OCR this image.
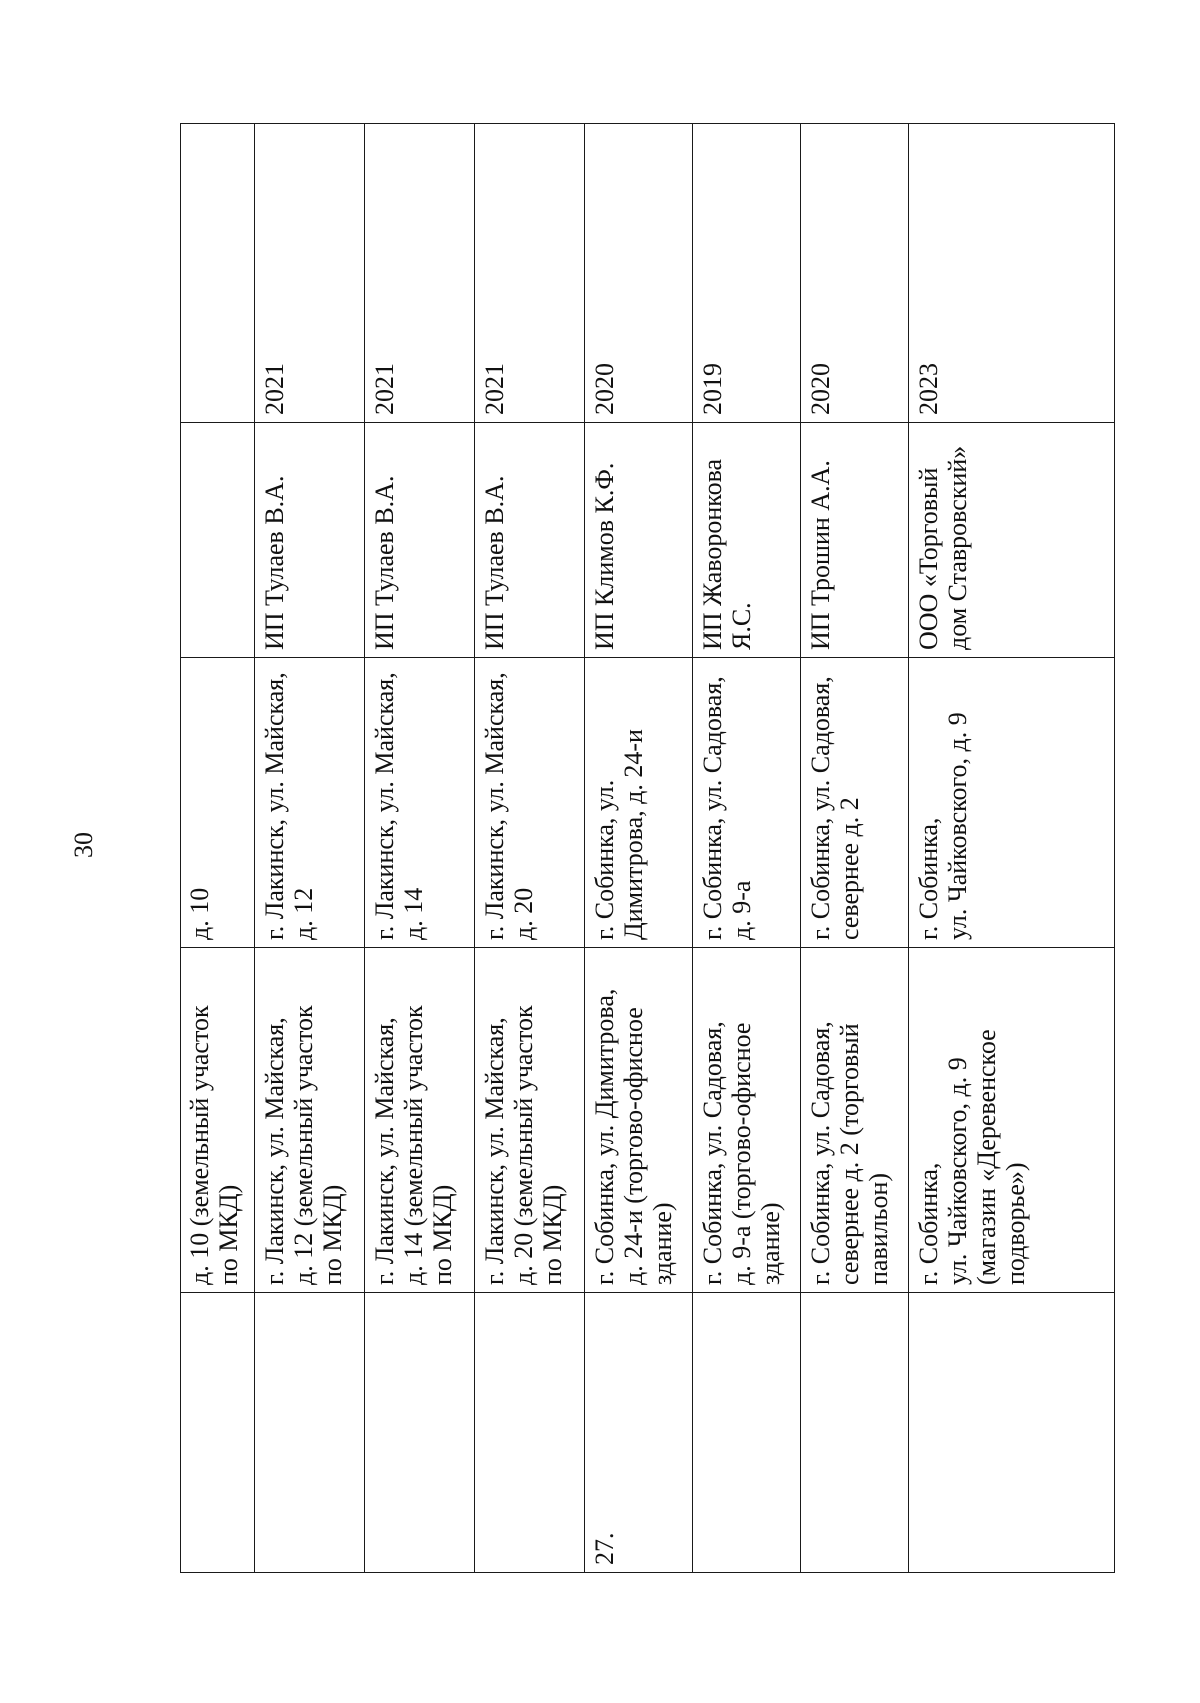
30
д. 10 (земельный участок
по МКД)
д. 10
г. Лакинск, ул. Майская,
д. 12 (земельный участок
по МКД)
г. Лакинск, ул. Майская,
д. 12
ИП Тулаев В.А.
2021
г. Лакинск, ул. Майская,
д. 14 (земельный участок
по МКД)
г. Лакинск, ул. Майская,
д. 14
ИП Тулаев В.А.
2021
г. Лакинск, ул. Майская,
д. 20 (земельный участок
по МКД)
г. Лакинск, ул. Майская,
д. 20
ИП Тулаев В.А.
2021
27.
г. Собинка, ул. Димитрова,
д. 24-и (торгово-офисное
здание)
г. Собинка, ул.
Димитрова, д. 24-и
ИП Климов К.Ф.
2020
г. Собинка, ул. Садовая,
д. 9-а (торгово-офисное
здание)
г. Собинка, ул. Садовая,
д. 9-а
ИП Жаворонкова
Я.С.
2019
г. Собинка, ул. Садовая,
севернее д. 2 (торговый
павильон)
г. Собинка, ул. Садовая,
севернее д. 2
ИП Трошин А.А.
2020
г. Собинка,
ул. Чайковского, д. 9
(магазин «Деревенское
подворье»)
г. Собинка,
ул. Чайковского, д. 9
ООО «Торговый
дом Ставровский»
2023
